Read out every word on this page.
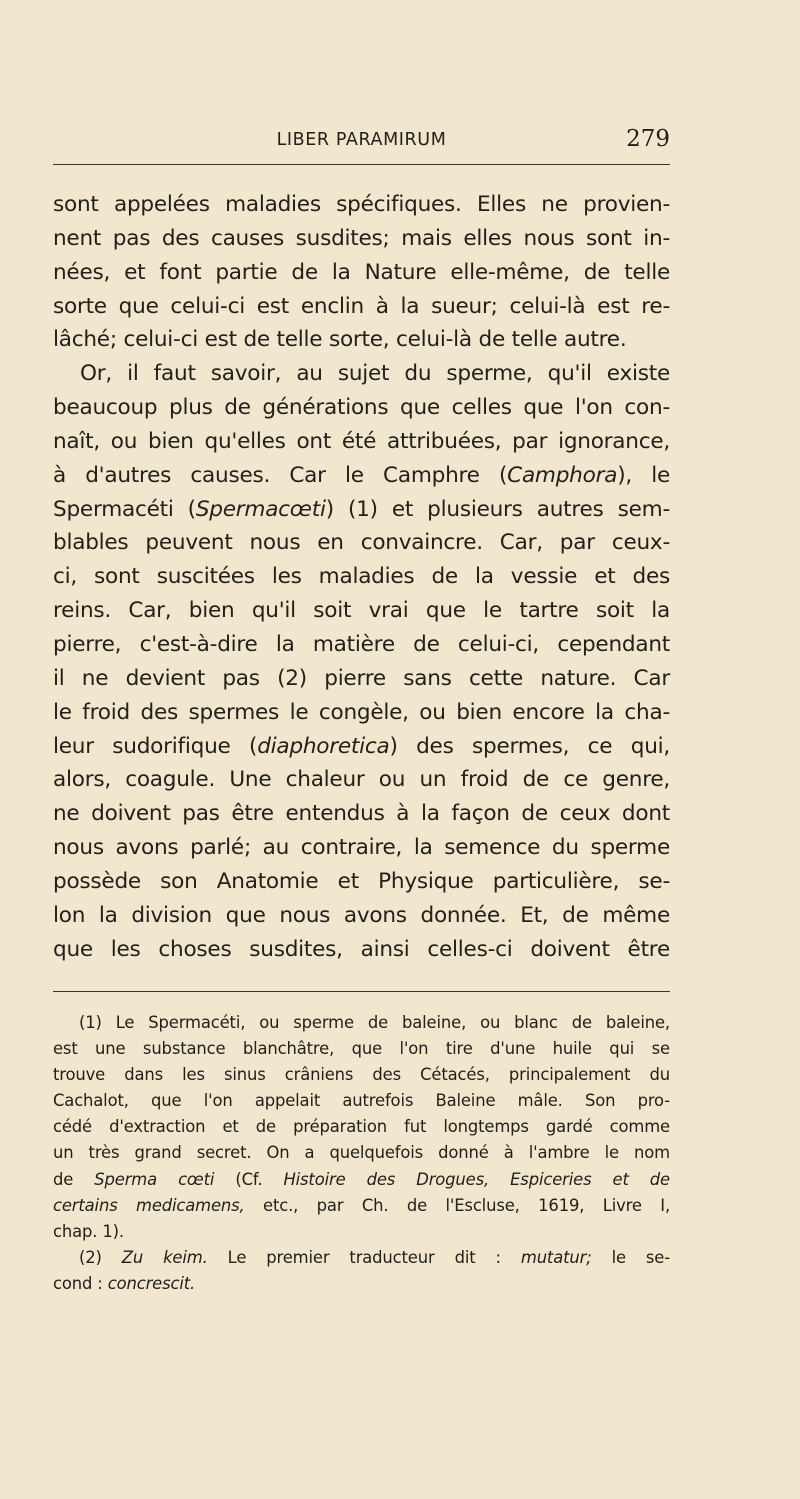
LIBER PARAMIRUM	279
sont appelées maladies spécifiques. Elles ne provien-
nent pas des causes susdites; mais elles nous sont in-
nées, et font partie de la Nature elle-même, de telle
sorte que celui-ci est enclin à la sueur; celui-là est re-
lâché; celui-ci est de telle sorte, celui-là de telle autre.
Or, il faut savoir, au sujet du sperme, qu'il existe
beaucoup plus de générations que celles que l'on con-
naît, ou bien qu'elles ont été attribuées, par ignorance,
à d'autres causes. Car le Camphre (Camphora), le
Spermacéti (Spermacœti) (1) et plusieurs autres sem-
blables peuvent nous en convaincre. Car, par ceux-
ci, sont suscitées les maladies de la vessie et des
reins. Car, bien qu'il soit vrai que le tartre soit la
pierre, c'est-à-dire la matière de celui-ci, cependant
il ne devient pas (2) pierre sans cette nature. Car
le froid des spermes le congèle, ou bien encore la cha-
leur sudorifique (diaphoretica) des spermes, ce qui,
alors, coagule. Une chaleur ou un froid de ce genre,
ne doivent pas être entendus à la façon de ceux dont
nous avons parlé; au contraire, la semence du sperme
possède son Anatomie et Physique particulière, se-
lon la division que nous avons donnée. Et, de même
que les choses susdites, ainsi celles-ci doivent être
(1) Le Spermacéti, ou sperme de baleine, ou blanc de baleine,
est une substance blanchâtre, que l'on tire d'une huile qui se
trouve dans les sinus crâniens des Cétacés, principalement du
Cachalot, que l'on appelait autrefois Baleine mâle. Son pro-
cédé d'extraction et de préparation fut longtemps gardé comme
un très grand secret. On a quelquefois donné à l'ambre le nom
de Sperma cœti (Cf. Histoire des Drogues, Espiceries et de
certains medicamens, etc., par Ch. de l'Escluse, 1619, Livre I,
chap. 1).
(2) Zu keim. Le premier traducteur dit : mutatur; le se-
cond : concrescit.
